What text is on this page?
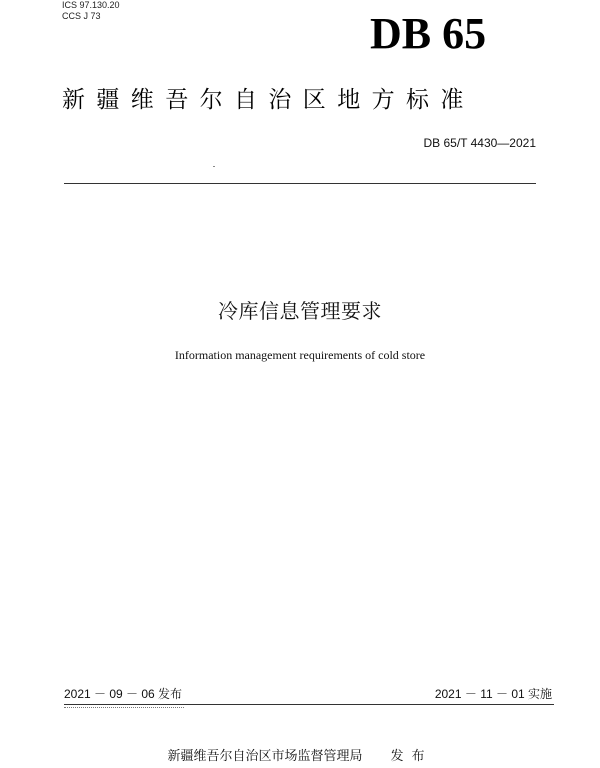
ICS 97.130.20
CCS J 73	DB 65
新疆维吾尔自治区地方标准
DB 65/T 4430—2021
冷库信息管理要求
Information management requirements of cold store
2021 － 09 － 06 发布	2021 － 11 － 01 实施
新疆维吾尔自治区市场监督管理局 发布
